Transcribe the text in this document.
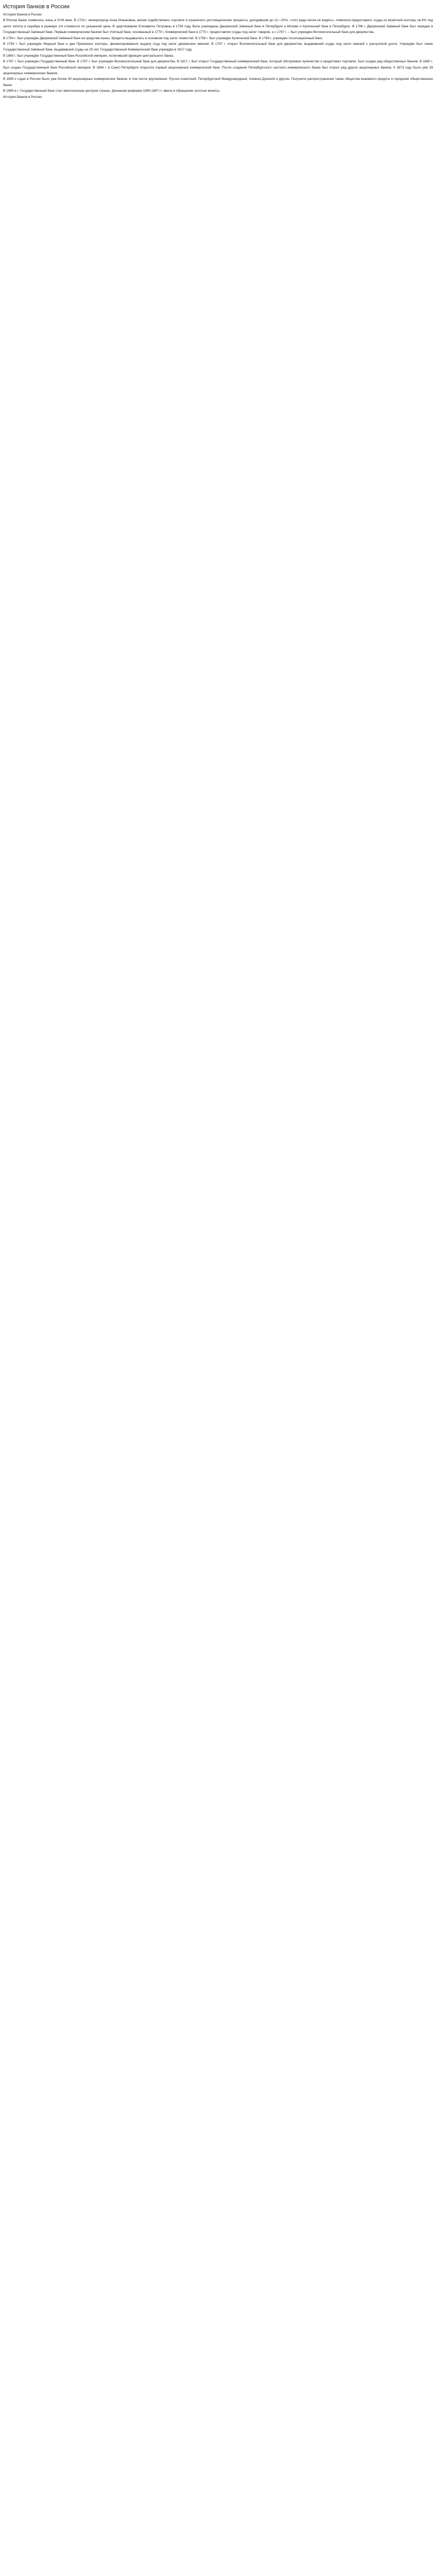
История банков в России

История банков в России

В России банки появились лишь в XVIII веке. В 1733 г. императрица Анна Иоанновна, желая содействовать торговле и ограничить ростовщические проценты, доходившие до 12—20%, «того ради нелзя не видеть», повелела предоставить ссуды из монетной конторы за 8% под залог золота и серебра в размере 1/4 стоимости по указанной цене. В царствование Елизаветы Петровны в 1754 году были учреждены Дворянский Заёмный банк в Петербурге и Москве и Купеческий банк в Петербурге. В 1786 г. Дворянский Заёмный банк был передан в Государственный Заёмный банк. Первым коммерческим банком был Учётный банк, основанный в 1770 г. Коммерческий банк в 1770 г. предоставлял ссуды под залог товаров, а с 1797 г. – был учреждён Вспомогательный банк для дворянства,

В 1754 г. был учреждён Дворянский Заёмный банк на средства казны. Кредиты выдавались в основном под залог поместий. В 1758 г. был учреждён Купеческий банк. В 1769 г. учреждён Ассигнационный банк.

В 1754 г. был учреждён Медный банк и два Приказных конторы, финансировавших выдачу ссуд под залог дворянских имений. В 1797 г. открыт Вспомогательный банк для дворянства, выдававший ссуды под залог имений с рассрочкой долга. Учреждён был также Государственный Заёмный банк, выдававший ссуды на 20 лет. Государственный Коммерческий банк учреждён в 1817 году.

В 1860 г. был учреждён Государственный банк Российской империи, получивший функции центрального банка.

В 1797 г. был учреждён Государственный банк. В 1797 г. был учреждён Вспомогательный банк для дворянства. В 1817 г. был открыт Государственный коммерческий банк, который обслуживал купечество и кредитовал торговлю. Был создан ряд общественных банков. В 1860 г. был создан Государственный банк Российской империи. В 1864 г. в Санкт-Петербурге открылся первый акционерный коммерческий банк. После создания Петербургского частного коммерческого банка был открыт ряд других акционерных банков. К 1873 году было уже 39 акционерных коммерческих банков.

В 1890-х годах в России было уже более 40 акционерных коммерческих банков, в том числе крупнейшие: Русско-Азиатский, Петербургский Международный, Азовско-Донской и другие. Получили распространение также общества взаимного кредита и городские общественные банки.

В 1890-е г. Государственный банк стал эмиссионным центром страны. Денежная реформа 1895-1897 гг. ввела в обращение золотые монеты.

История банков в России
